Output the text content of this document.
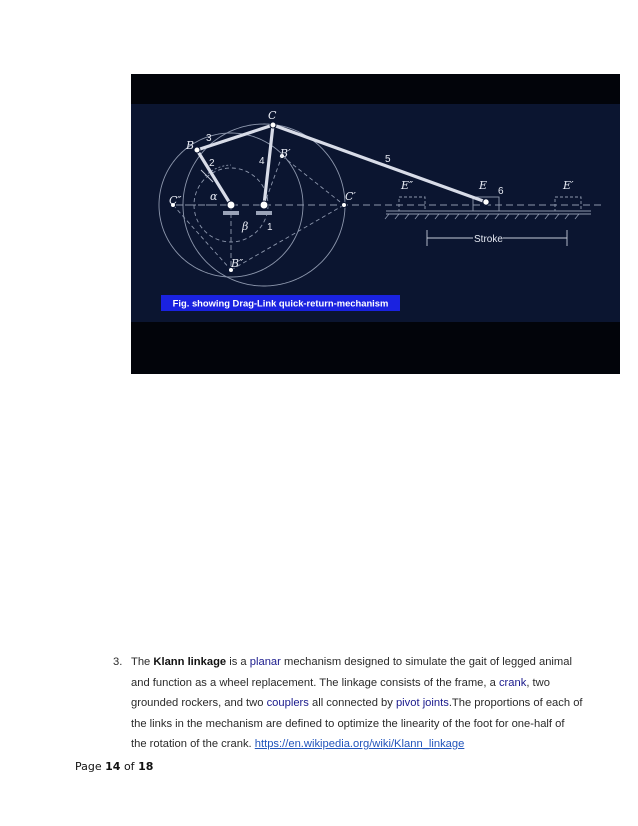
C
B
B′
B″
C′
C″
E	E′
E″
α
β
3
2	4
1
5
6
Stroke
Fig. showing Drag-Link quick-return-mechanism
3. The Klann linkage is a planar mechanism designed to simulate the gait of legged animal and function as a wheel replacement. The linkage consists of the frame, a crank, two grounded rockers, and two couplers all connected by pivot joints.The proportions of each of the links in the mechanism are defined to optimize the linearity of the foot for one-half of the rotation of the crank. https://en.wikipedia.org/wiki/Klann_linkage
Page 14 of 18
